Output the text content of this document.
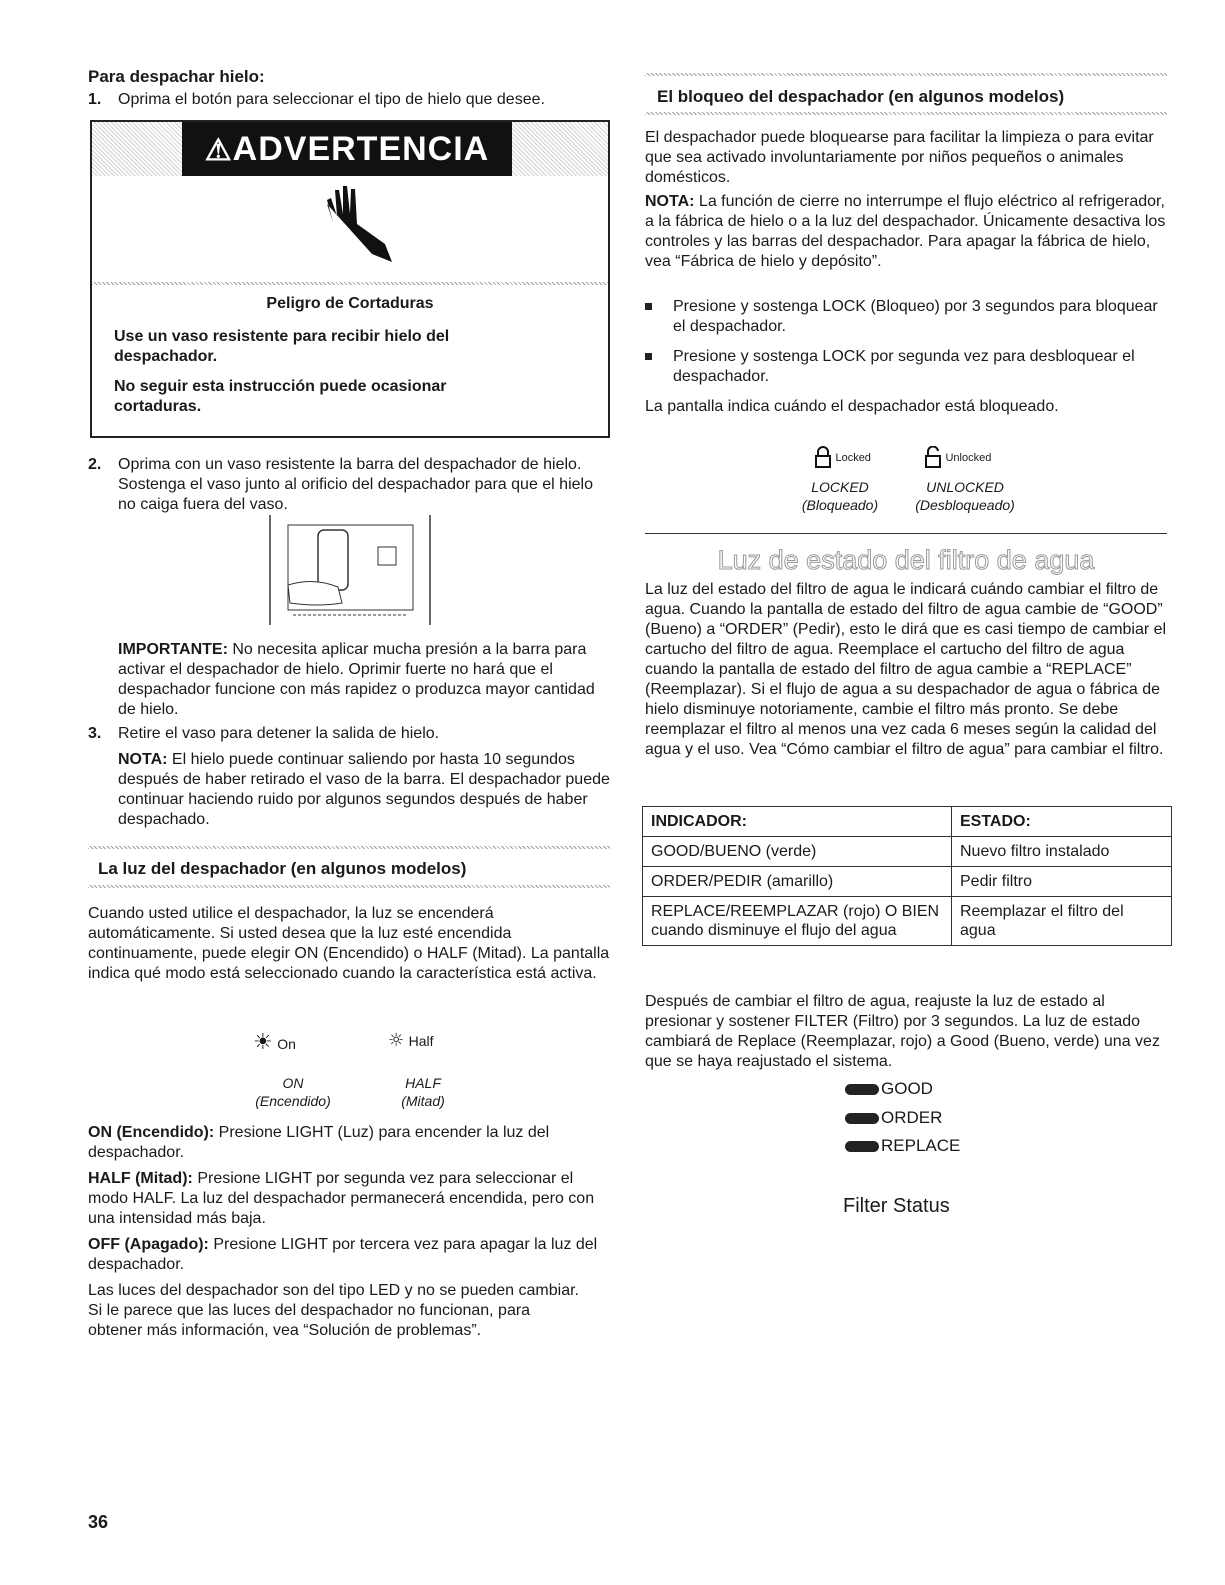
Para despachar hielo:

1. Oprima el botón para seleccionar el tipo de hielo que desee.

⚠ADVERTENCIA

Peligro de Cortaduras

Use un vaso resistente para recibir hielo del despachador.

No seguir esta instrucción puede ocasionar cortaduras.

2. Oprima con un vaso resistente la barra del despachador de hielo. Sostenga el vaso junto al orificio del despachador para que el hielo no caiga fuera del vaso.

IMPORTANTE: No necesita aplicar mucha presión a la barra para activar el despachador de hielo. Oprimir fuerte no hará que el despachador funcione con más rapidez o produzca mayor cantidad de hielo.

3. Retire el vaso para detener la salida de hielo.

NOTA: El hielo puede continuar saliendo por hasta 10 segundos después de haber retirado el vaso de la barra. El despachador puede continuar haciendo ruido por algunos segundos después de haber despachado.

La luz del despachador (en algunos modelos)

Cuando usted utilice el despachador, la luz se encenderá automáticamente. Si usted desea que la luz esté encendida continuamente, puede elegir ON (Encendido) o HALF (Mitad). La pantalla indica qué modo está seleccionado cuando la característica está activa.

☀ On	☼ Half

ON

(Encendido)

HALF

(Mitad)

ON (Encendido): Presione LIGHT (Luz) para encender la luz del despachador.

HALF (Mitad): Presione LIGHT por segunda vez para seleccionar el modo HALF. La luz del despachador permanecerá encendida, pero con una intensidad más baja.

OFF (Apagado): Presione LIGHT por tercera vez para apagar la luz del despachador.

Las luces del despachador son del tipo LED y no se pueden cambiar. Si le parece que las luces del despachador no funcionan, para obtener más información, vea “Solución de problemas”.

36

El bloqueo del despachador (en algunos modelos)

El despachador puede bloquearse para facilitar la limpieza o para evitar que sea activado involuntariamente por niños pequeños o animales domésticos.

NOTA: La función de cierre no interrumpe el flujo eléctrico al refrigerador, a la fábrica de hielo o a la luz del despachador. Únicamente desactiva los controles y las barras del despachador. Para apagar la fábrica de hielo, vea “Fábrica de hielo y depósito”.

Presione y sostenga LOCK (Bloqueo) por 3 segundos para bloquear el despachador.

Presione y sostenga LOCK por segunda vez para desbloquear el despachador.

La pantalla indica cuándo el despachador está bloqueado.

Locked	Unlocked

LOCKED

(Bloqueado)

UNLOCKED

(Desbloqueado)

Luz de estado del filtro de agua

La luz del estado del filtro de agua le indicará cuándo cambiar el filtro de agua. Cuando la pantalla de estado del filtro de agua cambie de “GOOD” (Bueno) a “ORDER” (Pedir), esto le dirá que es casi tiempo de cambiar el cartucho del filtro de agua. Reemplace el cartucho del filtro de agua cuando la pantalla de estado del filtro de agua cambie a “REPLACE” (Reemplazar). Si el flujo de agua a su despachador de agua o fábrica de hielo disminuye notoriamente, cambie el filtro más pronto. Se debe reemplazar el filtro al menos una vez cada 6 meses según la calidad del agua y el uso. Vea “Cómo cambiar el filtro de agua” para cambiar el filtro.

INDICADOR:	ESTADO:
GOOD/BUENO (verde)	Nuevo filtro instalado
ORDER/PEDIR (amarillo)	Pedir filtro
REPLACE/REEMPLAZAR (rojo) O BIEN cuando disminuye el flujo del agua	Reemplazar el filtro del agua

Después de cambiar el filtro de agua, reajuste la luz de estado al presionar y sostener FILTER (Filtro) por 3 segundos. La luz de estado cambiará de Replace (Reemplazar, rojo) a Good (Bueno, verde) una vez que se haya reajustado el sistema.

GOOD
ORDER
REPLACE

Filter Status
